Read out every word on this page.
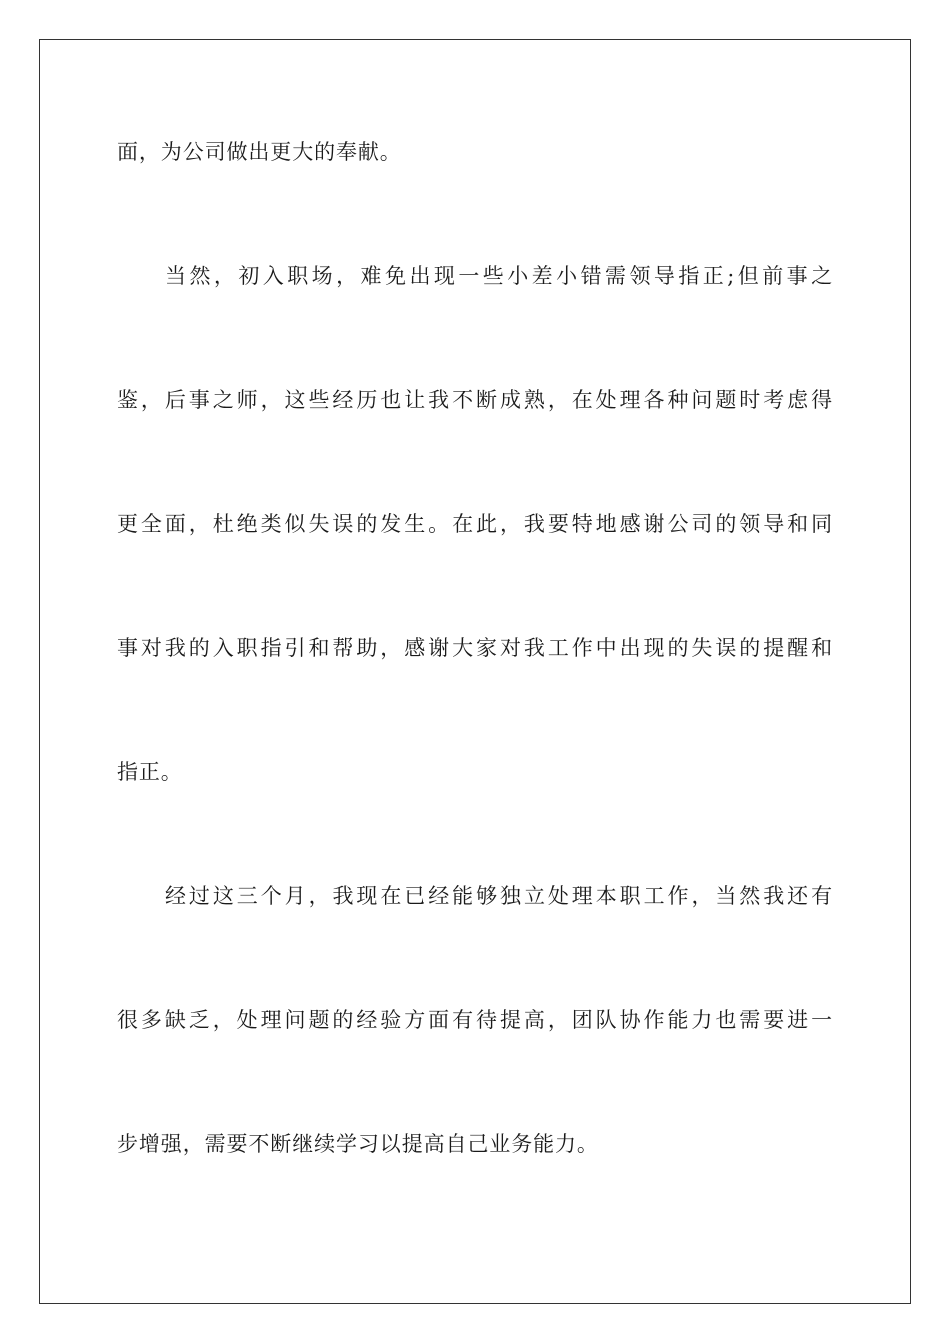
面，为公司做出更大的奉献。
当然，初入职场，难免出现一些小差小错需领导指正;但前事之
鉴，后事之师，这些经历也让我不断成熟，在处理各种问题时考虑得
更全面，杜绝类似失误的发生。在此，我要特地感谢公司的领导和同
事对我的入职指引和帮助，感谢大家对我工作中出现的失误的提醒和
指正。
经过这三个月，我现在已经能够独立处理本职工作，当然我还有
很多缺乏，处理问题的经验方面有待提高，团队协作能力也需要进一
步增强，需要不断继续学习以提高自己业务能力。
